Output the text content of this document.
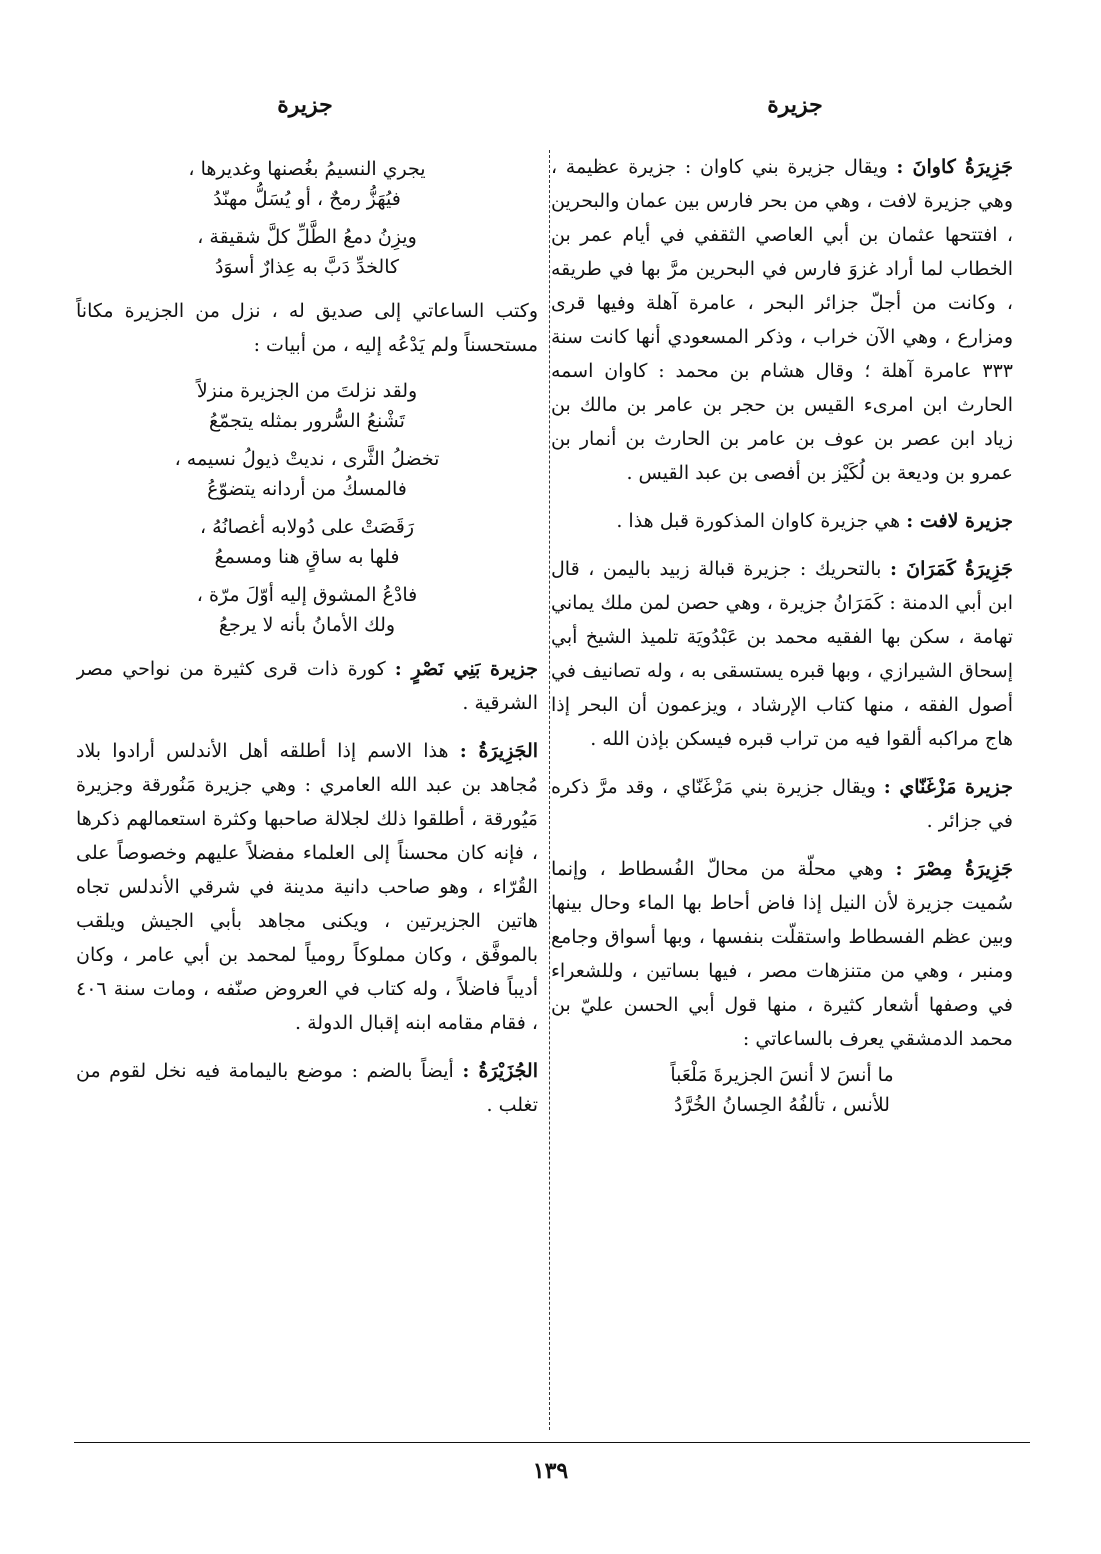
جزيرة
جزيرة

جَزِيرَةُ كاوانَ : ويقال جزيرة بني كاوان : جزيرة عظيمة ، وهي جزيرة لافت ، وهي من بحر فارس بين عمان والبحرين ، افتتحها عثمان بن أبي العاصي الثقفي في أيام عمر بن الخطاب لما أراد غزوَ فارس في البحرين مرَّ بها في طريقه ، وكانت من أجلّ جزائر البحر ، عامرة آهلة وفيها قرى ومزارع ، وهي الآن خراب ، وذكر المسعودي أنها كانت سنة ٣٣٣ عامرة آهلة ؛ وقال هشام بن محمد : كاوان اسمه الحارث ابن امرىء القيس بن حجر بن عامر بن مالك بن زياد ابن عصر بن عوف بن عامر بن الحارث بن أنمار بن عمرو بن وديعة بن لُكَيْز بن أفصى بن عبد القيس .

جزيرة لافت : هي جزيرة كاوان المذكورة قبل هذا .

جَزِيرَةُ كَمَرَانَ : بالتحريك : جزيرة قبالة زبيد باليمن ، قال ابن أبي الدمنة : كَمَرَانُ جزيرة ، وهي حصن لمن ملك يماني تهامة ، سكن بها الفقيه محمد بن عَبْدُويَة تلميذ الشيخ أبي إسحاق الشيرازي ، وبها قبره يستسقى به ، وله تصانيف في أصول الفقه ، منها كتاب الإرشاد ، ويزعمون أن البحر إذا هاج مراكبه ألقوا فيه من تراب قبره فيسكن بإذن الله .

جزيرة مَزْغَنّاي : ويقال جزيرة بني مَزْغَنّاي ، وقد مرَّ ذكره في جزائر .

جَزِيرَةُ مِصْرَ : وهي محلّة من محالّ الفُسطاط ، وإنما سُميت جزيرة لأن النيل إذا فاض أحاط بها الماء وحال بينها وبين عظم الفسطاط واستقلّت بنفسها ، وبها أسواق وجامع ومنبر ، وهي من متنزهات مصر ، فيها بساتين ، وللشعراء في وصفها أشعار كثيرة ، منها قول أبي الحسن عليّ بن محمد الدمشقي يعرف بالساعاتي :

ما أنسَ لا أنسَ الجزيرةَ مَلْعَباً
للأنس ، تألفُهُ الحِسانُ الخُرَّدُ
يجري النسيمُ بغُصنها وغديرها ،
فيُهَزُّ رمحٌ ، أو يُسَلُّ مهنّدُ
ويزِنُ دمعُ الطَّلِّ كلَّ شقيقة ،
كالخدِّ دَبَّ به عِذارٌ أسوَدُ

وكتب الساعاتي إلى صديق له ، نزل من الجزيرة مكاناً مستحسناً ولم يَدْعُه إليه ، من أبيات :

ولقد نزلتَ من الجزيرة منزلاً
تَشْنعُ السُّرور بمثله يتجمّعُ
تخضلُ الثَّرى ، نديتْ ذيولُ نسيمه ،
فالمسكُ من أردانه يتضوّعُ
رَقَصَتْ على دُولابه أغصانُهُ ،
فلها به ساقٍ هنا ومسمعُ
فادْعُ المشوق إليه أوّلَ مرّة ،
ولك الأمانُ بأنه لا يرجعُ

جزيرة بَنِي نَصْرٍ : كورة ذات قرى كثيرة من نواحي مصر الشرقية .

الجَزِيرَةُ : هذا الاسم إذا أطلقه أهل الأندلس أرادوا بلاد مُجاهد بن عبد الله العامري : وهي جزيرة مَنُورقة وجزيرة مَيُورقة ، أطلقوا ذلك لجلالة صاحبها وكثرة استعمالهم ذكرها ، فإنه كان محسناً إلى العلماء مفضلاً عليهم وخصوصاً على القُرّاء ، وهو صاحب دانية مدينة في شرقي الأندلس تجاه هاتين الجزيرتين ، ويكنى مجاهد بأبي الجيش ويلقب بالموفَّق ، وكان مملوكاً رومياً لمحمد بن أبي عامر ، وكان أديباً فاضلاً ، وله كتاب في العروض صنّفه ، ومات سنة ٤٠٦ ، فقام مقامه ابنه إقبال الدولة .

الجُزَيْرَةُ : أيضاً بالضم : موضع باليمامة فيه نخل لقوم من تغلب .

١٣٩
